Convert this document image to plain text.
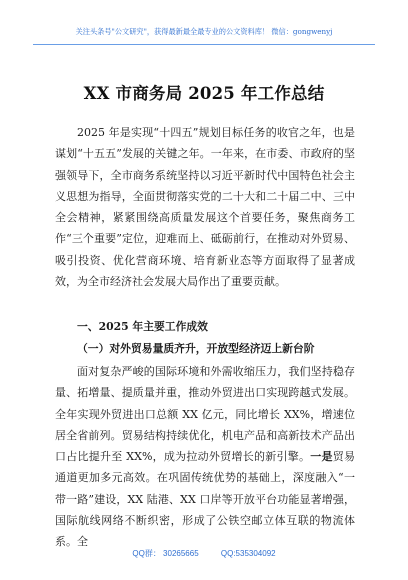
关注头条号"公文研究"，获得最新最全最专业的公文资料库！ 微信：gongwenyj
XX 市商务局 2025 年工作总结
2025 年是实现“十四五”规划目标任务的收官之年，也是谋划“十五五”发展的关键之年。一年来，在市委、市政府的坚强领导下，全市商务系统坚持以习近平新时代中国特色社会主义思想为指导，全面贯彻落实党的二十大和二十届二中、三中全会精神，紧紧围绕高质量发展这个首要任务，聚焦商务工作“三个重要”定位，迎难而上、砥砺前行，在推动对外贸易、吸引投资、优化营商环境、培育新业态等方面取得了显著成效，为全市经济社会发展大局作出了重要贡献。
一、2025 年主要工作成效
（一）对外贸易量质齐升，开放型经济迈上新台阶
面对复杂严峻的国际环境和外需收缩压力，我们坚持稳存量、拓增量、提质量并重，推动外贸进出口实现跨越式发展。全年实现外贸进出口总额 XX 亿元，同比增长 XX%，增速位居全省前列。贸易结构持续优化，机电产品和高新技术产品出口占比提升至 XX%，成为拉动外贸增长的新引擎。一是贸易通道更加多元高效。在巩固传统优势的基础上，深度融入“一带一路”建设，XX 陆港、XX 口岸等开放平台功能显著增强，国际航线网络不断织密，形成了公铁空邮立体互联的物流体系。全
QQ群： 30265665	QQ:535304092
